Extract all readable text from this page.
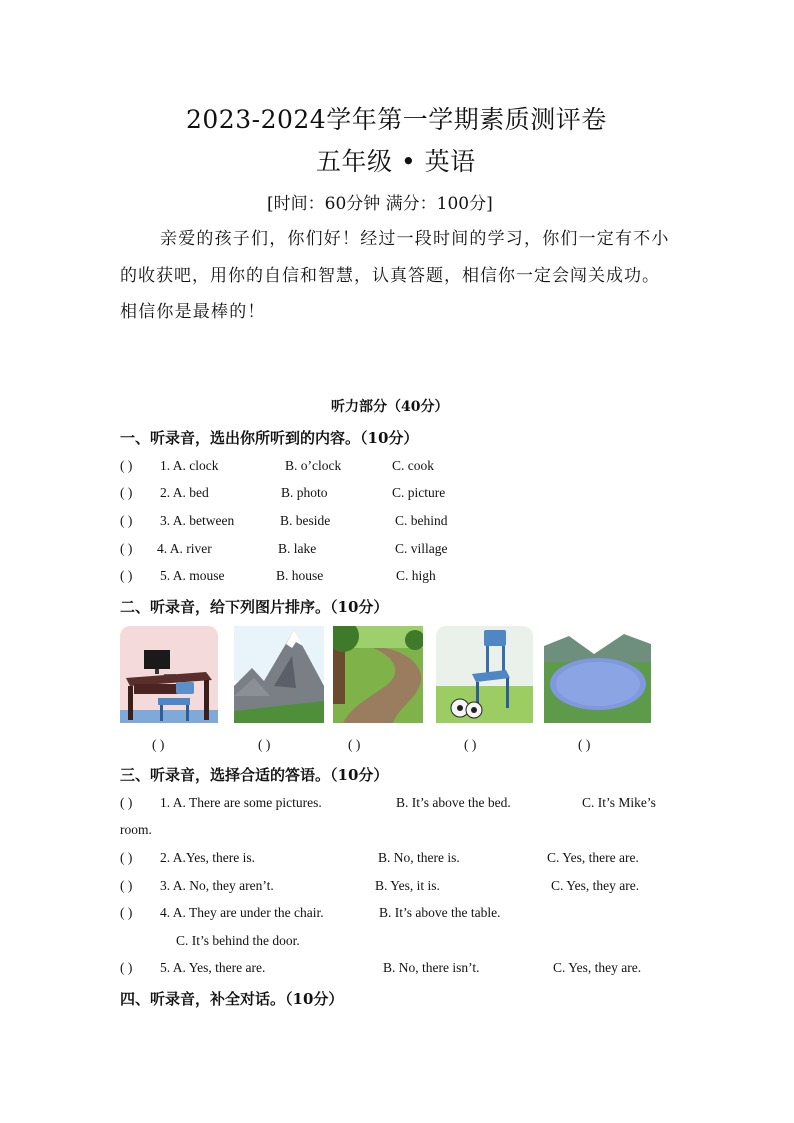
2023-2024学年第一学期素质测评卷
五年级 • 英语
[时间：60分钟 满分：100分]
亲爱的孩子们，你们好！经过一段时间的学习，你们一定有不小
的收获吧，用你的自信和智慧，认真答题，相信你一定会闯关成功。
相信你是最棒的！
听力部分（40分）
一、听录音，选出你所听到的内容。（10分）
( ) 1. A. clock	B. o’clock	C. cook
( ) 2. A. bed	B. photo	C. picture
( ) 3. A. between	B. beside	C. behind
( ) 4. A. river	B. lake	C. village
( ) 5. A. mouse	B. house	C. high
二、听录音，给下列图片排序。（10分）
( )	( )	( )	( )	( )
三、听录音，选择合适的答语。（10分）
( ) 1. A. There are some pictures.	B. It’s above the bed.	C. It’s Mike’s
room.
( ) 2. A.Yes, there is.	B. No, there is.	C. Yes, there are.
( ) 3. A. No, they aren’t.	B. Yes, it is.	C. Yes, they are.
( ) 4. A. They are under the chair.	B. It’s above the table.
C. It’s behind the door.
( ) 5. A. Yes, there are.	B. No, there isn’t.	C. Yes, they are.
四、听录音，补全对话。（10分）
